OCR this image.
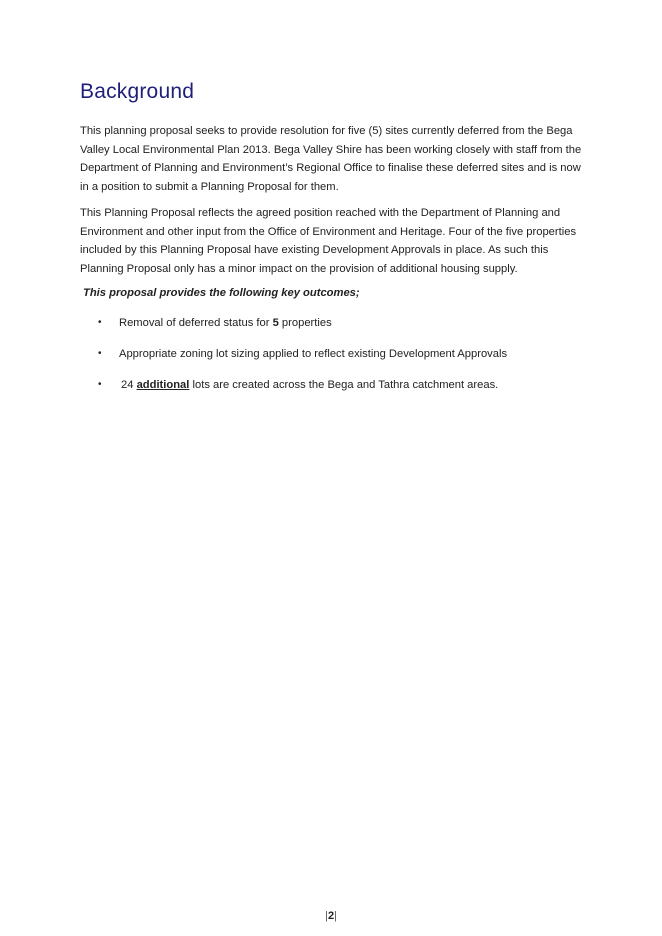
Background

This planning proposal seeks to provide resolution for five (5) sites currently deferred from the Bega Valley Local Environmental Plan 2013. Bega Valley Shire has been working closely with staff from the Department of Planning and Environment’s Regional Office to finalise these deferred sites and is now in a position to submit a Planning Proposal for them.

This Planning Proposal reflects the agreed position reached with the Department of Planning and Environment and other input from the Office of Environment and Heritage. Four of the five properties included by this Planning Proposal have existing Development Approvals in place. As such this Planning Proposal only has a minor impact on the provision of additional housing supply.

This proposal provides the following key outcomes;

•	Removal of deferred status for 5 properties
•	Appropriate zoning lot sizing applied to reflect existing Development Approvals
•	24 additional lots are created across the Bega and Tathra catchment areas.
|2|
